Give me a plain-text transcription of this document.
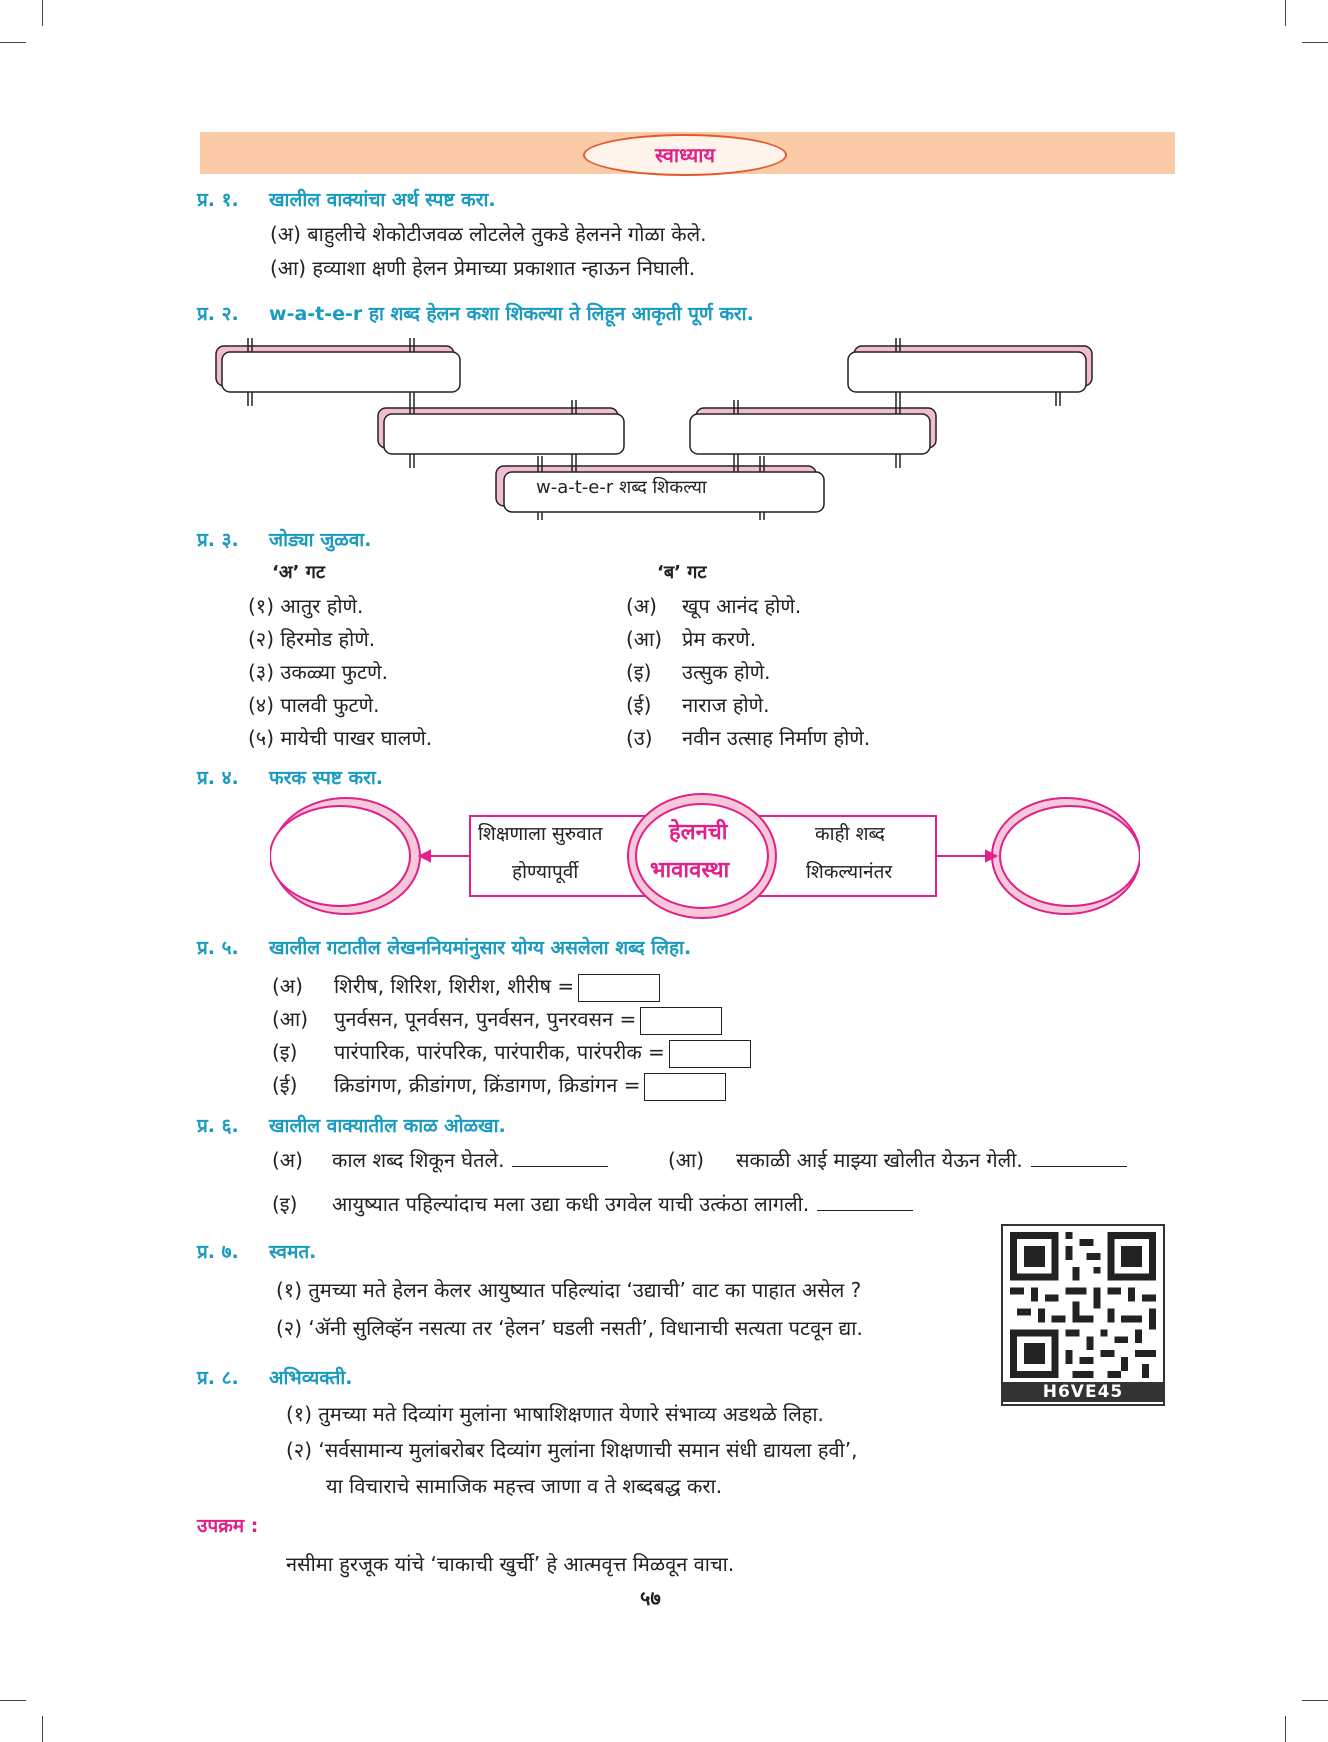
स्वाध्याय
प्र. १. खालील वाक्यांचा अर्थ स्पष्ट करा.
(अ) बाहुलीचे शेकोटीजवळ लोटलेले तुकडे हेलनने गोळा केले.
(आ) हव्याशा क्षणी हेलन प्रेमाच्या प्रकाशात न्हाऊन निघाली.
प्र. २. w-a-t-e-r हा शब्द हेलन कशा शिकल्या ते लिहून आकृती पूर्ण करा.
w-a-t-e-r शब्द शिकल्या
प्र. ३. जोड्या जुळवा.
‘अ’ गट	‘ब’ गट
(१) आतुर होणे.
(२) हिरमोड होणे.
(३) उकळ्या फुटणे.
(४) पालवी फुटणे.
(५) मायेची पाखर घालणे.
(अ) खूप आनंद होणे.
(आ) प्रेम करणे.
(इ) उत्सुक होणे.
(ई) नाराज होणे.
(उ) नवीन उत्साह निर्माण होणे.
प्र. ४. फरक स्पष्ट करा.
शिक्षणाला सुरुवात
होण्यापूर्वी
हेलनची
भावावस्था
काही शब्द
शिकल्यानंतर
प्र. ५. खालील गटातील लेखननियमांनुसार योग्य असलेला शब्द लिहा.
(अ) शिरीष, शिरिश, शिरीश, शीरीष =
(आ) पुनर्वसन, पूनर्वसन, पुनर्वसन, पुनरवसन =
(इ) पारंपारिक, पारंपरिक, पारंपारीक, पारंपरीक =
(ई) क्रिडांगण, क्रीडांगण, क्रिंडागण, क्रिडांगन =
प्र. ६. खालील वाक्यातील काळ ओळखा.
(अ) काल शब्द शिकून घेतले.	(आ) सकाळी आई माझ्या खोलीत येऊन गेली.
(इ) आयुष्यात पहिल्यांदाच मला उद्या कधी उगवेल याची उत्कंठा लागली.
प्र. ७. स्वमत.
(१) तुमच्या मते हेलन केलर आयुष्यात पहिल्यांदा ‘उद्याची’ वाट का पाहात असेल ?
(२) ‘ॲनी सुलिव्हॅन नसत्या तर ‘हेलन’ घडली नसती’, विधानाची सत्यता पटवून द्या.
H6VE45
प्र. ८. अभिव्यक्ती.
(१) तुमच्या मते दिव्यांग मुलांना भाषाशिक्षणात येणारे संभाव्य अडथळे लिहा.
(२) ‘सर्वसामान्य मुलांबरोबर दिव्यांग मुलांना शिक्षणाची समान संधी द्यायला हवी’,
या विचाराचे सामाजिक महत्त्व जाणा व ते शब्दबद्ध करा.
उपक्रम :
नसीमा हुरजूक यांचे ‘चाकाची खुर्ची’ हे आत्मवृत्त मिळवून वाचा.
५७
